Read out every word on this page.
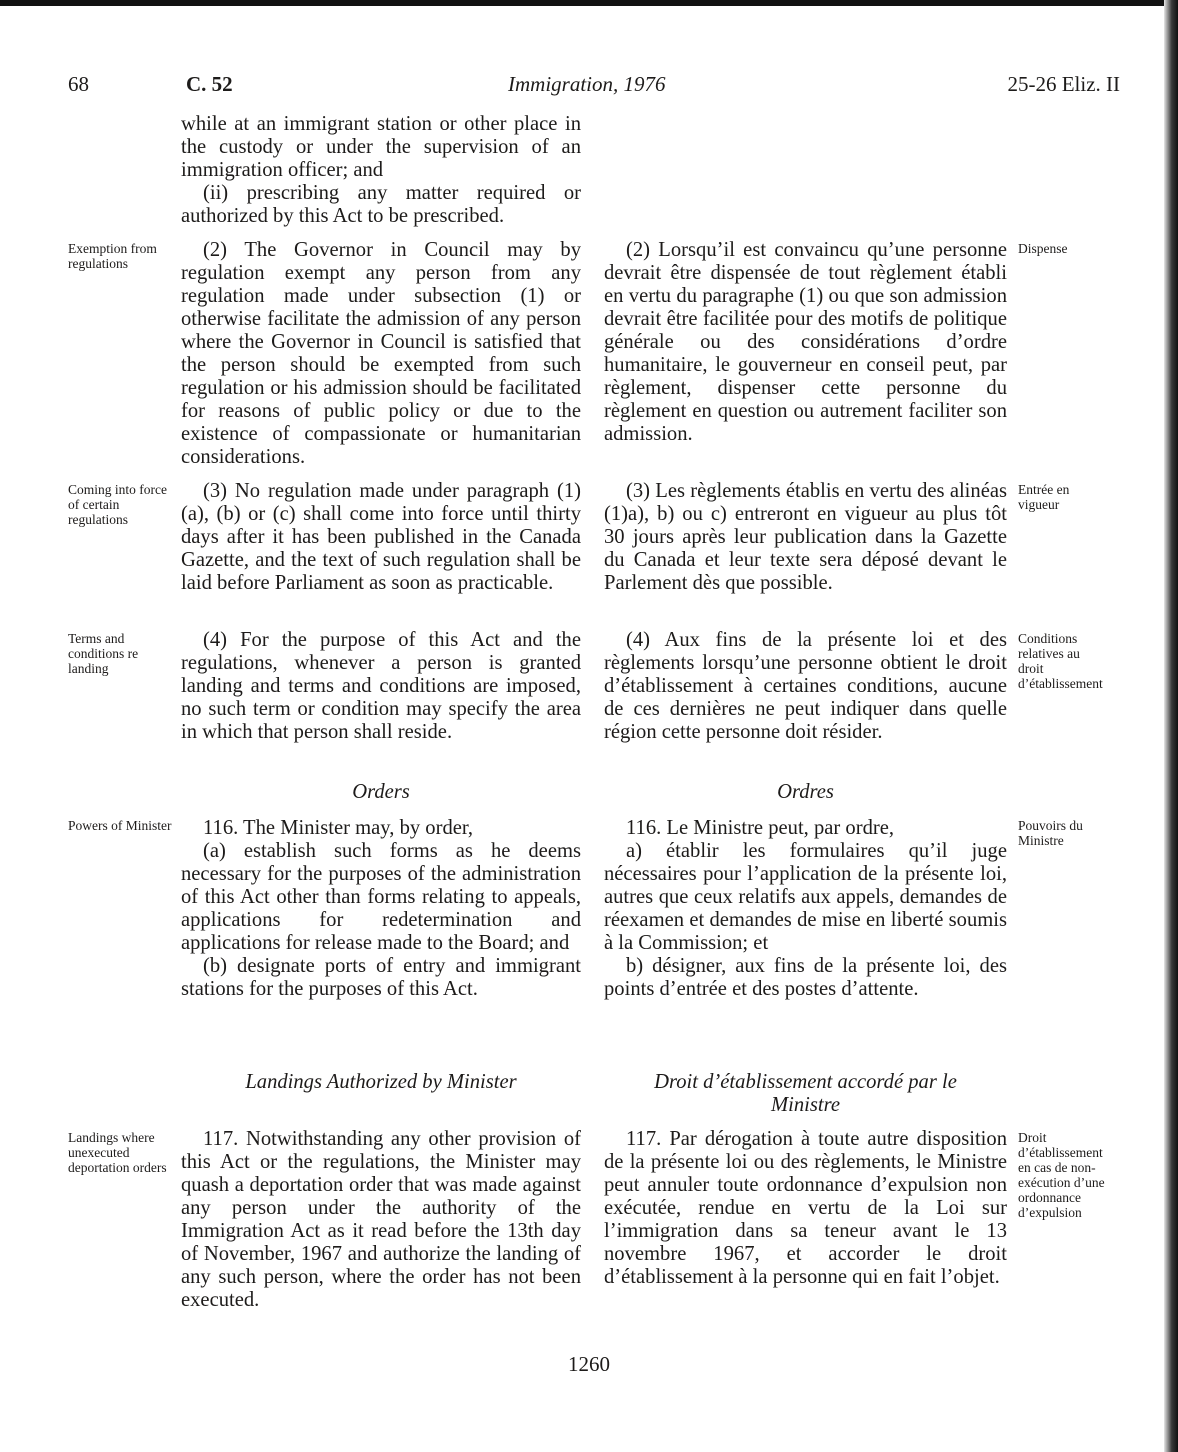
68	C. 52	Immigration, 1976	25-26 Eliz. II

while at an immigrant station or other place in the custody or under the supervision of an immigration officer; and

(ii) prescribing any matter required or authorized by this Act to be prescribed.

(2) The Governor in Council may by regulation exempt any person from any regulation made under subsection (1) or otherwise facilitate the admission of any person where the Governor in Council is satisfied that the person should be exempted from such regulation or his admission should be facilitated for reasons of public policy or due to the existence of compassionate or humanitarian considerations.
(3) No regulation made under paragraph (1)(a), (b) or (c) shall come into force until thirty days after it has been published in the Canada Gazette, and the text of such regulation shall be laid before Parliament as soon as practicable.
(4) For the purpose of this Act and the regulations, whenever a person is granted landing and terms and conditions are imposed, no such term or condition may specify the area in which that person shall reside.
Orders

116. The Minister may, by order,

(a) establish such forms as he deems necessary for the purposes of the administration of this Act other than forms relating to appeals, applications for redetermination and applications for release made to the Board; and

(b) designate ports of entry and immigrant stations for the purposes of this Act.

Landings Authorized by Minister
117. Notwithstanding any other provision of this Act or the regulations, the Minister may quash a deportation order that was made against any person under the authority of the Immigration Act as it read before the 13th day of November, 1967 and authorize the landing of any such person, where the order has not been executed.
(2) Lorsqu’il est convaincu qu’une personne devrait être dispensée de tout règlement établi en vertu du paragraphe (1) ou que son admission devrait être facilitée pour des motifs de politique générale ou des considérations d’ordre humanitaire, le gouverneur en conseil peut, par règlement, dispenser cette personne du règlement en question ou autrement faciliter son admission.
(3) Les règlements établis en vertu des alinéas (1)a), b) ou c) entreront en vigueur au plus tôt 30 jours après leur publication dans la Gazette du Canada et leur texte sera déposé devant le Parlement dès que possible.
(4) Aux fins de la présente loi et des règlements lorsqu’une personne obtient le droit d’établissement à certaines conditions, aucune de ces dernières ne peut indiquer dans quelle région cette personne doit résider.
Ordres

116. Le Ministre peut, par ordre,

a) établir les formulaires qu’il juge nécessaires pour l’application de la présente loi, autres que ceux relatifs aux appels, demandes de réexamen et demandes de mise en liberté soumis à la Commission; et

b) désigner, aux fins de la présente loi, des points d’entrée et des postes d’attente.

Droit d’établissement accordé par le Ministre
117. Par dérogation à toute autre disposition de la présente loi ou des règlements, le Ministre peut annuler toute ordonnance d’expulsion non exécutée, rendue en vertu de la Loi sur l’immigration dans sa teneur avant le 13 novembre 1967, et accorder le droit d’établissement à la personne qui en fait l’objet.
Exemption from regulations
Coming into force of certain regulations
Terms and conditions re landing
Powers of Minister
Landings where unexecuted deportation orders
Dispense
Entrée en vigueur
Conditions relatives au droit d’établissement
Pouvoirs du Ministre
Droit d’établissement en cas de non-exécution d’une ordonnance d’expulsion
1260
